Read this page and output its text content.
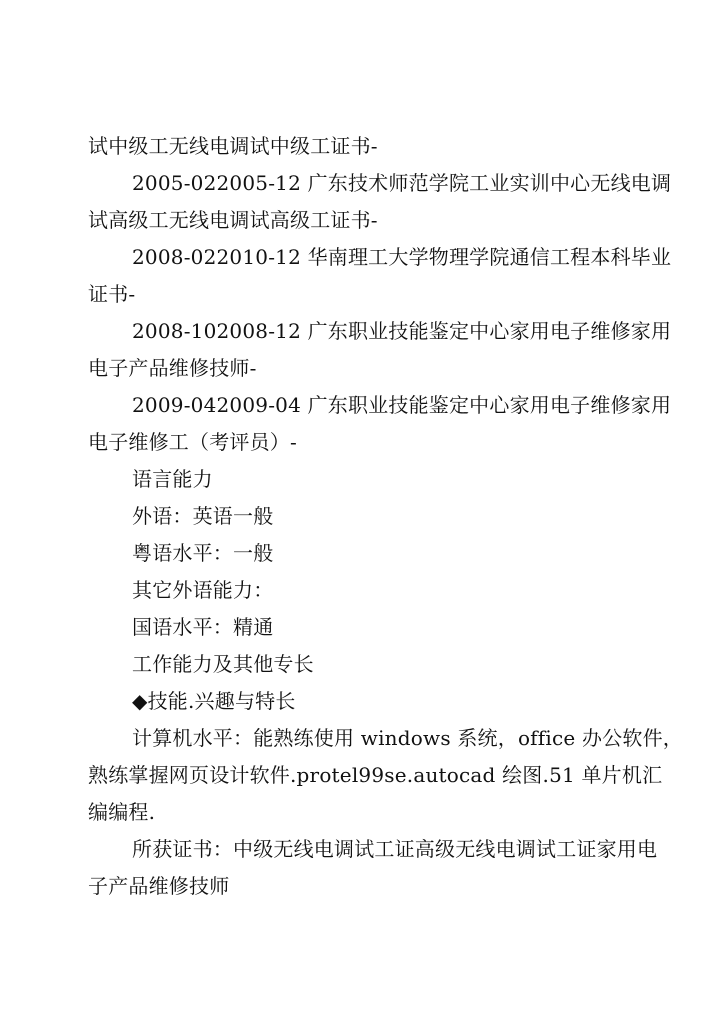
试中级工无线电调试中级工证书-
2005-022005-12 广东技术师范学院工业实训中心无线电调
试高级工无线电调试高级工证书-
2008-022010-12 华南理工大学物理学院通信工程本科毕业
证书-
2008-102008-12 广东职业技能鉴定中心家用电子维修家用
电子产品维修技师-
2009-042009-04 广东职业技能鉴定中心家用电子维修家用
电子维修工（考评员）-
语言能力
外语：英语一般
粤语水平：一般
其它外语能力：
国语水平：精通
工作能力及其他专长
◆技能.兴趣与特长
计算机水平：能熟练使用 windows 系统，office 办公软件，
熟练掌握网页设计软件.protel99se.autocad 绘图.51 单片机汇
编编程.
所获证书：中级无线电调试工证高级无线电调试工证家用电
子产品维修技师
